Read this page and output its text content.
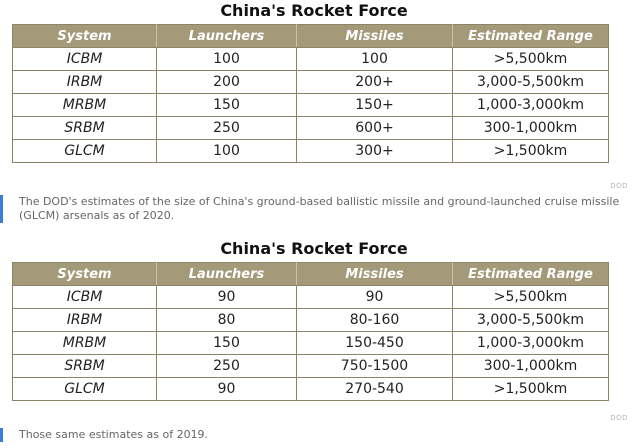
China's Rocket Force
System	Launchers	Missiles	Estimated Range
ICBM	100	100	>5,500km
IRBM	200	200+	3,000-5,500km
MRBM	150	150+	1,000-3,000km
SRBM	250	600+	300-1,000km
GLCM	100	300+	>1,500km
DOD
The DOD's estimates of the size of China's ground-based ballistic missile and ground-launched cruise missile (GLCM) arsenals as of 2020.
China's Rocket Force
System	Launchers	Missiles	Estimated Range
ICBM	90	90	>5,500km
IRBM	80	80-160	3,000-5,500km
MRBM	150	150-450	1,000-3,000km
SRBM	250	750-1500	300-1,000km
GLCM	90	270-540	>1,500km
DOD
Those same estimates as of 2019.
